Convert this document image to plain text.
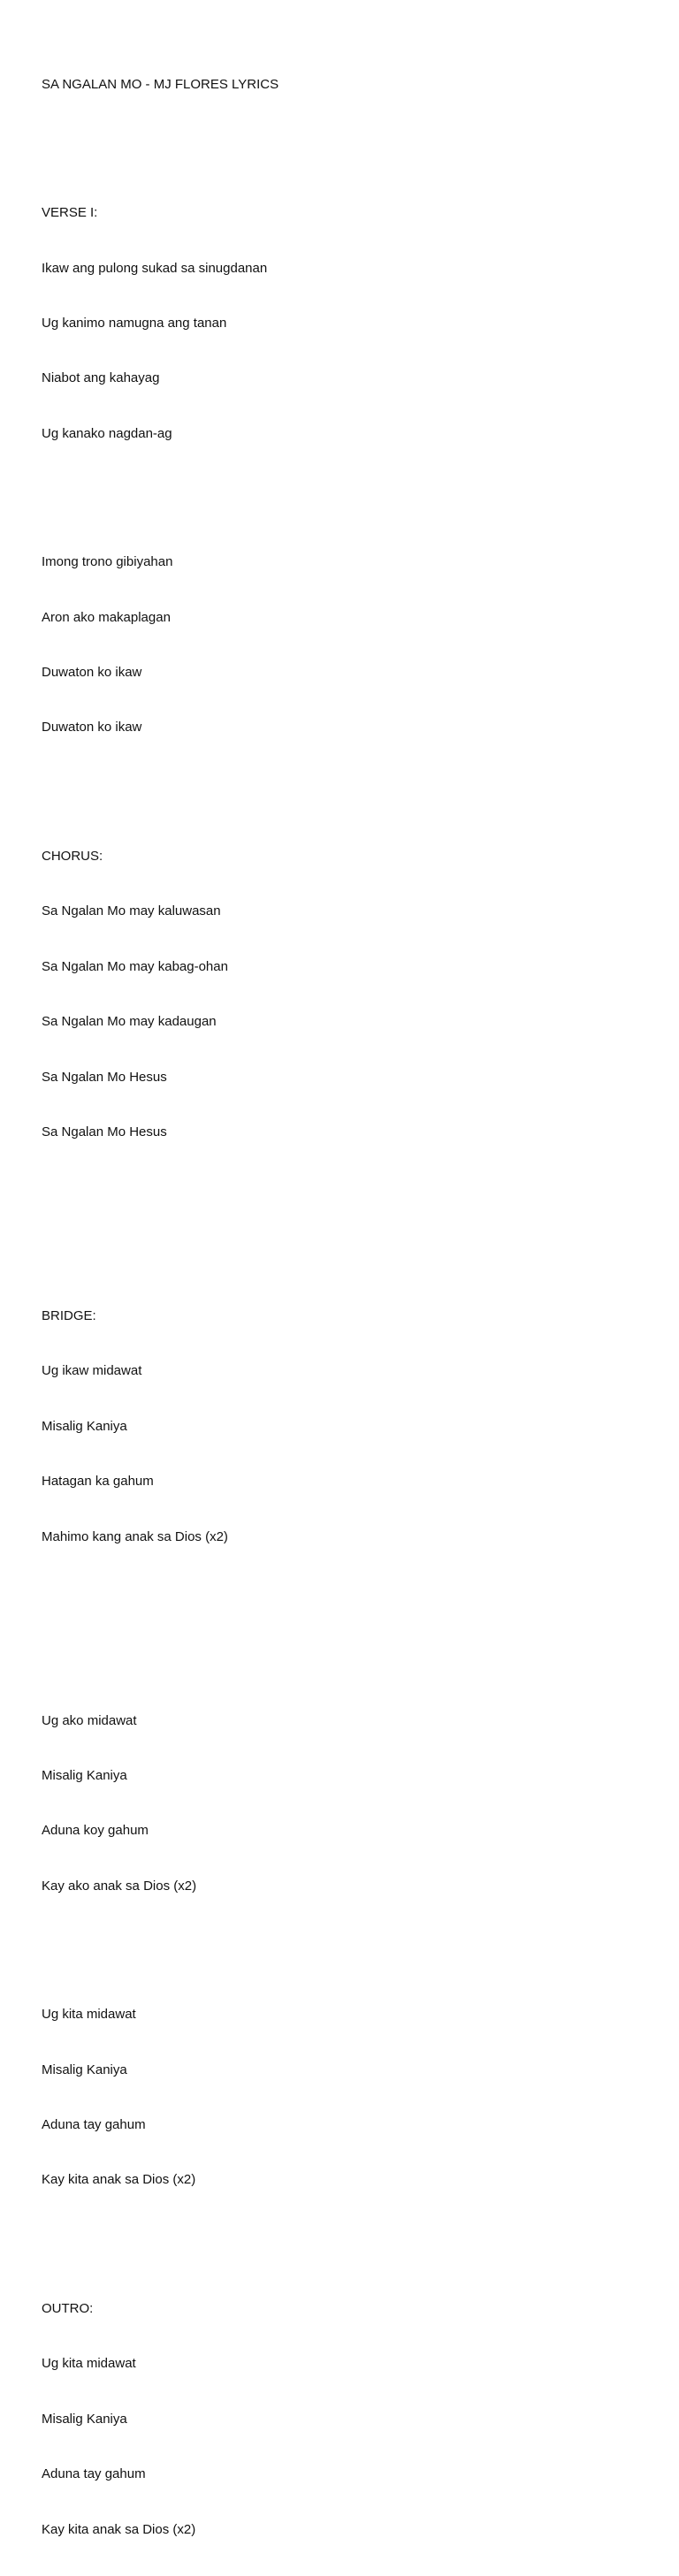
SA NGALAN MO - MJ FLORES LYRICS

VERSE I:

Ikaw ang pulong sukad sa sinugdanan

Ug kanimo namugna ang tanan

Niabot ang kahayag

Ug kanako nagdan-ag

Imong trono gibiyahan

Aron ako makaplagan

Duwaton ko ikaw

Duwaton ko ikaw

CHORUS:

Sa Ngalan Mo may kaluwasan

Sa Ngalan Mo may kabag-ohan

Sa Ngalan Mo may kadaugan

Sa Ngalan Mo Hesus

Sa Ngalan Mo Hesus

BRIDGE:

Ug ikaw midawat

Misalig Kaniya

Hatagan ka gahum

Mahimo kang anak sa Dios (x2)

Ug ako midawat

Misalig Kaniya

Aduna koy gahum

Kay ako anak sa Dios (x2)

Ug kita midawat

Misalig Kaniya

Aduna tay gahum

Kay kita anak sa Dios (x2)

OUTRO:

Ug kita midawat

Misalig Kaniya

Aduna tay gahum

Kay kita anak sa Dios (x2)
